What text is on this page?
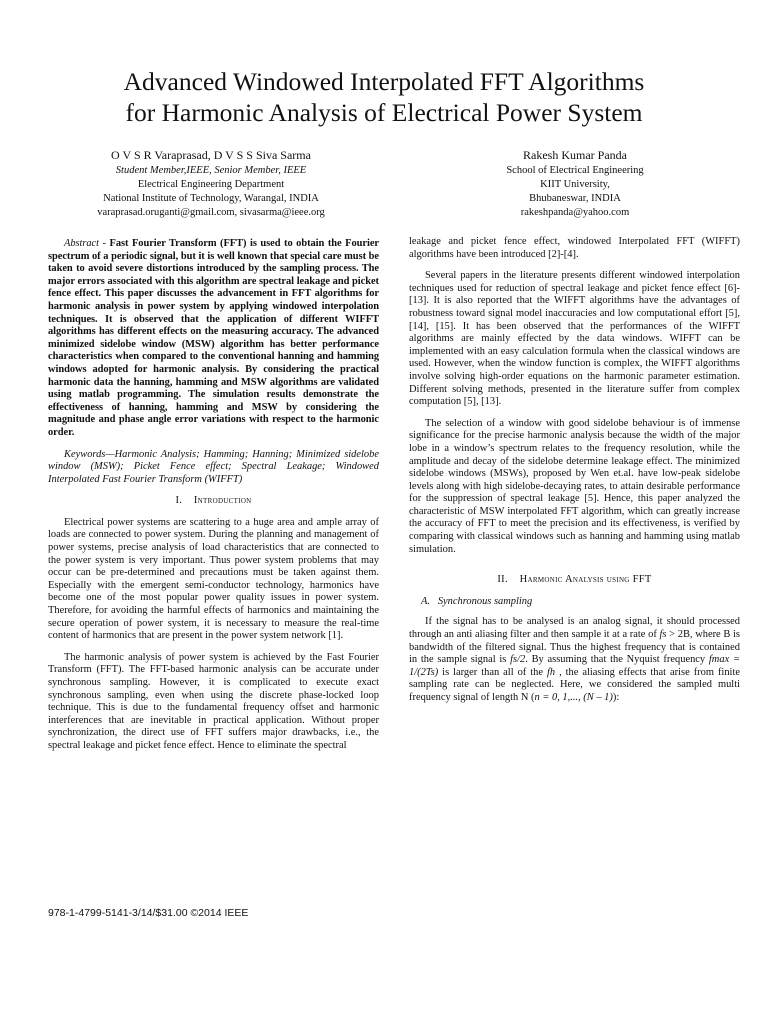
Advanced Windowed Interpolated FFT Algorithms
for Harmonic Analysis of Electrical Power System
O V S R Varaprasad, D V S S Siva Sarma
Student Member,IEEE, Senior Member, IEEE
Electrical Engineering Department
National Institute of Technology, Warangal, INDIA
varaprasad.oruganti@gmail.com, sivasarma@ieee.org
Rakesh Kumar Panda
School of Electrical Engineering
KIIT University,
Bhubaneswar, INDIA
rakeshpanda@yahoo.com

Abstract - Fast Fourier Transform (FFT) is used to obtain the Fourier spectrum of a periodic signal, but it is well known that special care must be taken to avoid severe distortions introduced by the sampling process. The major errors associated with this algorithm are spectral leakage and picket fence effect. This paper discusses the advancement in FFT algorithms for harmonic analysis in power system by applying windowed interpolation techniques. It is observed that the application of different WIFFT algorithms has different effects on the measuring accuracy. The advanced minimized sidelobe window (MSW) algorithm has better performance characteristics when compared to the conventional hanning and hamming windows adopted for harmonic analysis. By considering the practical harmonic data the hanning, hamming and MSW algorithms are validated using matlab programming. The simulation results demonstrate the effectiveness of hanning, hamming and MSW by considering the magnitude and phase angle error variations with respect to the harmonic order.

Keywords—Harmonic Analysis; Hamming; Hanning; Minimized sidelobe window (MSW); Picket Fence effect; Spectral Leakage; Windowed Interpolated Fast Fourier Transform (WIFFT)

I. Introduction

Electrical power systems are scattering to a huge area and ample array of loads are connected to power system. During the planning and management of power systems, precise analysis of load characteristics that are connected to the power system is very important. Thus power system problems that may occur can be pre-determined and precautions must be taken against them. Especially with the emergent semi-conductor technology, harmonics have become one of the most popular power quality issues in power system. Therefore, for avoiding the harmful effects of harmonics and maintaining the secure operation of power system, it is necessary to measure the real-time content of harmonics that are present in the power system network [1].

The harmonic analysis of power system is achieved by the Fast Fourier Transform (FFT). The FFT-based harmonic analysis can be accurate under synchronous sampling. However, it is complicated to execute exact synchronous sampling, even when using the discrete phase-locked loop technique. This is due to the fundamental frequency offset and harmonic interferences that are inevitable in practical application. Without proper synchronization, the direct use of FFT suffers major drawbacks, i.e., the spectral leakage and picket fence effect. Hence to eliminate the spectral

leakage and picket fence effect, windowed Interpolated FFT (WIFFT) algorithms have been introduced [2]-[4].

Several papers in the literature presents different windowed interpolation techniques used for reduction of spectral leakage and picket fence effect [6]-[13]. It is also reported that the WIFFT algorithms have the advantages of robustness toward signal model inaccuracies and low computational effort [5], [14], [15]. It has been observed that the performances of the WIFFT algorithms are mainly effected by the data windows. WIFFT can be implemented with an easy calculation formula when the classical windows are used. However, when the window function is complex, the WIFFT algorithms involve solving high-order equations on the harmonic parameter estimation. Different solving methods, presented in the literature suffer from complex computation [5], [13].

The selection of a window with good sidelobe behaviour is of immense significance for the precise harmonic analysis because the width of the major lobe in a window’s spectrum relates to the frequency resolution, while the amplitude and decay of the sidelobe determine leakage effect. The minimized sidelobe windows (MSWs), proposed by Wen et.al. have low-peak sidelobe levels along with high sidelobe-decaying rates, to attain desirable performance for the suppression of spectral leakage [5]. Hence, this paper analyzed the characteristic of MSW interpolated FFT algorithm, which can greatly increase the accuracy of FFT to meet the precision and its effectiveness, is verified by comparing with classical windows such as hanning and hamming using matlab simulation.

II. Harmonic Analysis using FFT
A. Synchronous sampling

If the signal has to be analysed is an analog signal, it should processed through an anti aliasing filter and then sample it at a rate of fs > 2B, where B is bandwidth of the filtered signal. Thus the highest frequency that is contained in the sample signal is fs/2. By assuming that the Nyquist frequency fmax = 1/(2Ts) is larger than all of the fh , the aliasing effects that arise from finite sampling rate can be neglected. Here, we considered the sampled multi frequency signal of length N (n = 0, 1,..., (N – 1)):

978-1-4799-5141-3/14/$31.00 ©2014 IEEE
